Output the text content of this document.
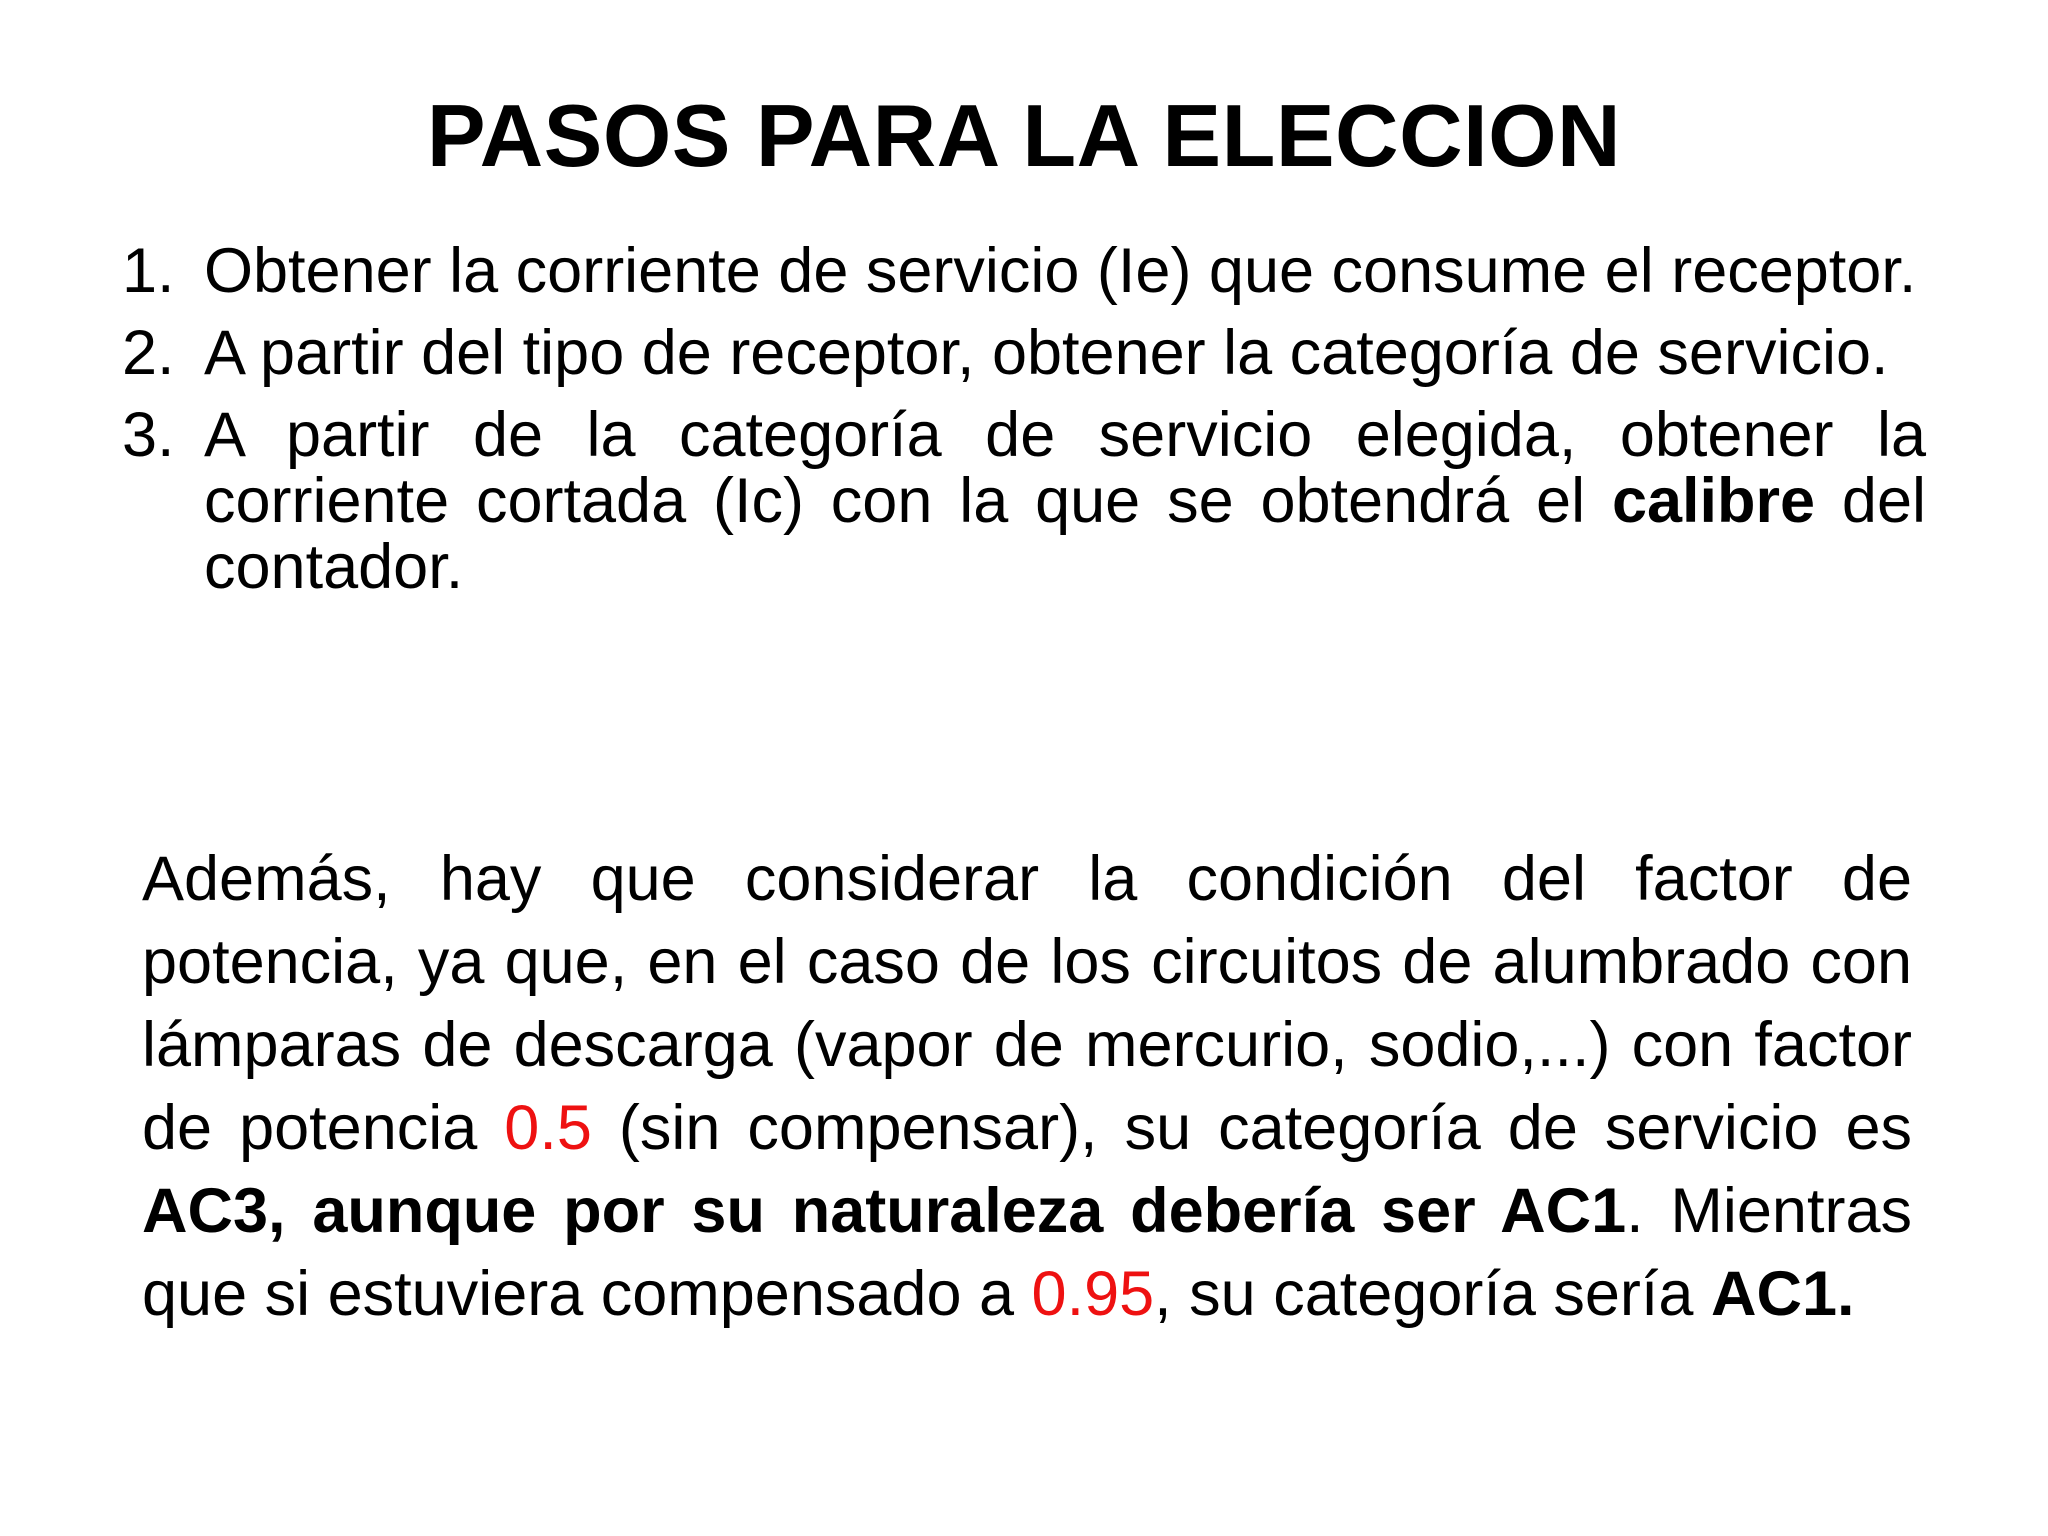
PASOS PARA LA ELECCION
1. Obtener la corriente de servicio (Ie) que consume el receptor.
2. A partir del tipo de receptor, obtener la categoría de servicio.
3. A partir de la categoría de servicio elegida, obtener la corriente cortada (Ic) con la que se obtendrá el calibre del contador.

Además, hay que considerar la condición del factor de potencia, ya que, en el caso de los circuitos de alumbrado con lámparas de descarga (vapor de mercurio, sodio,...) con factor de potencia 0.5 (sin compensar), su categoría de servicio es AC3, aunque por su naturaleza debería ser AC1. Mientras que si estuviera compensado a 0.95, su categoría sería AC1.
